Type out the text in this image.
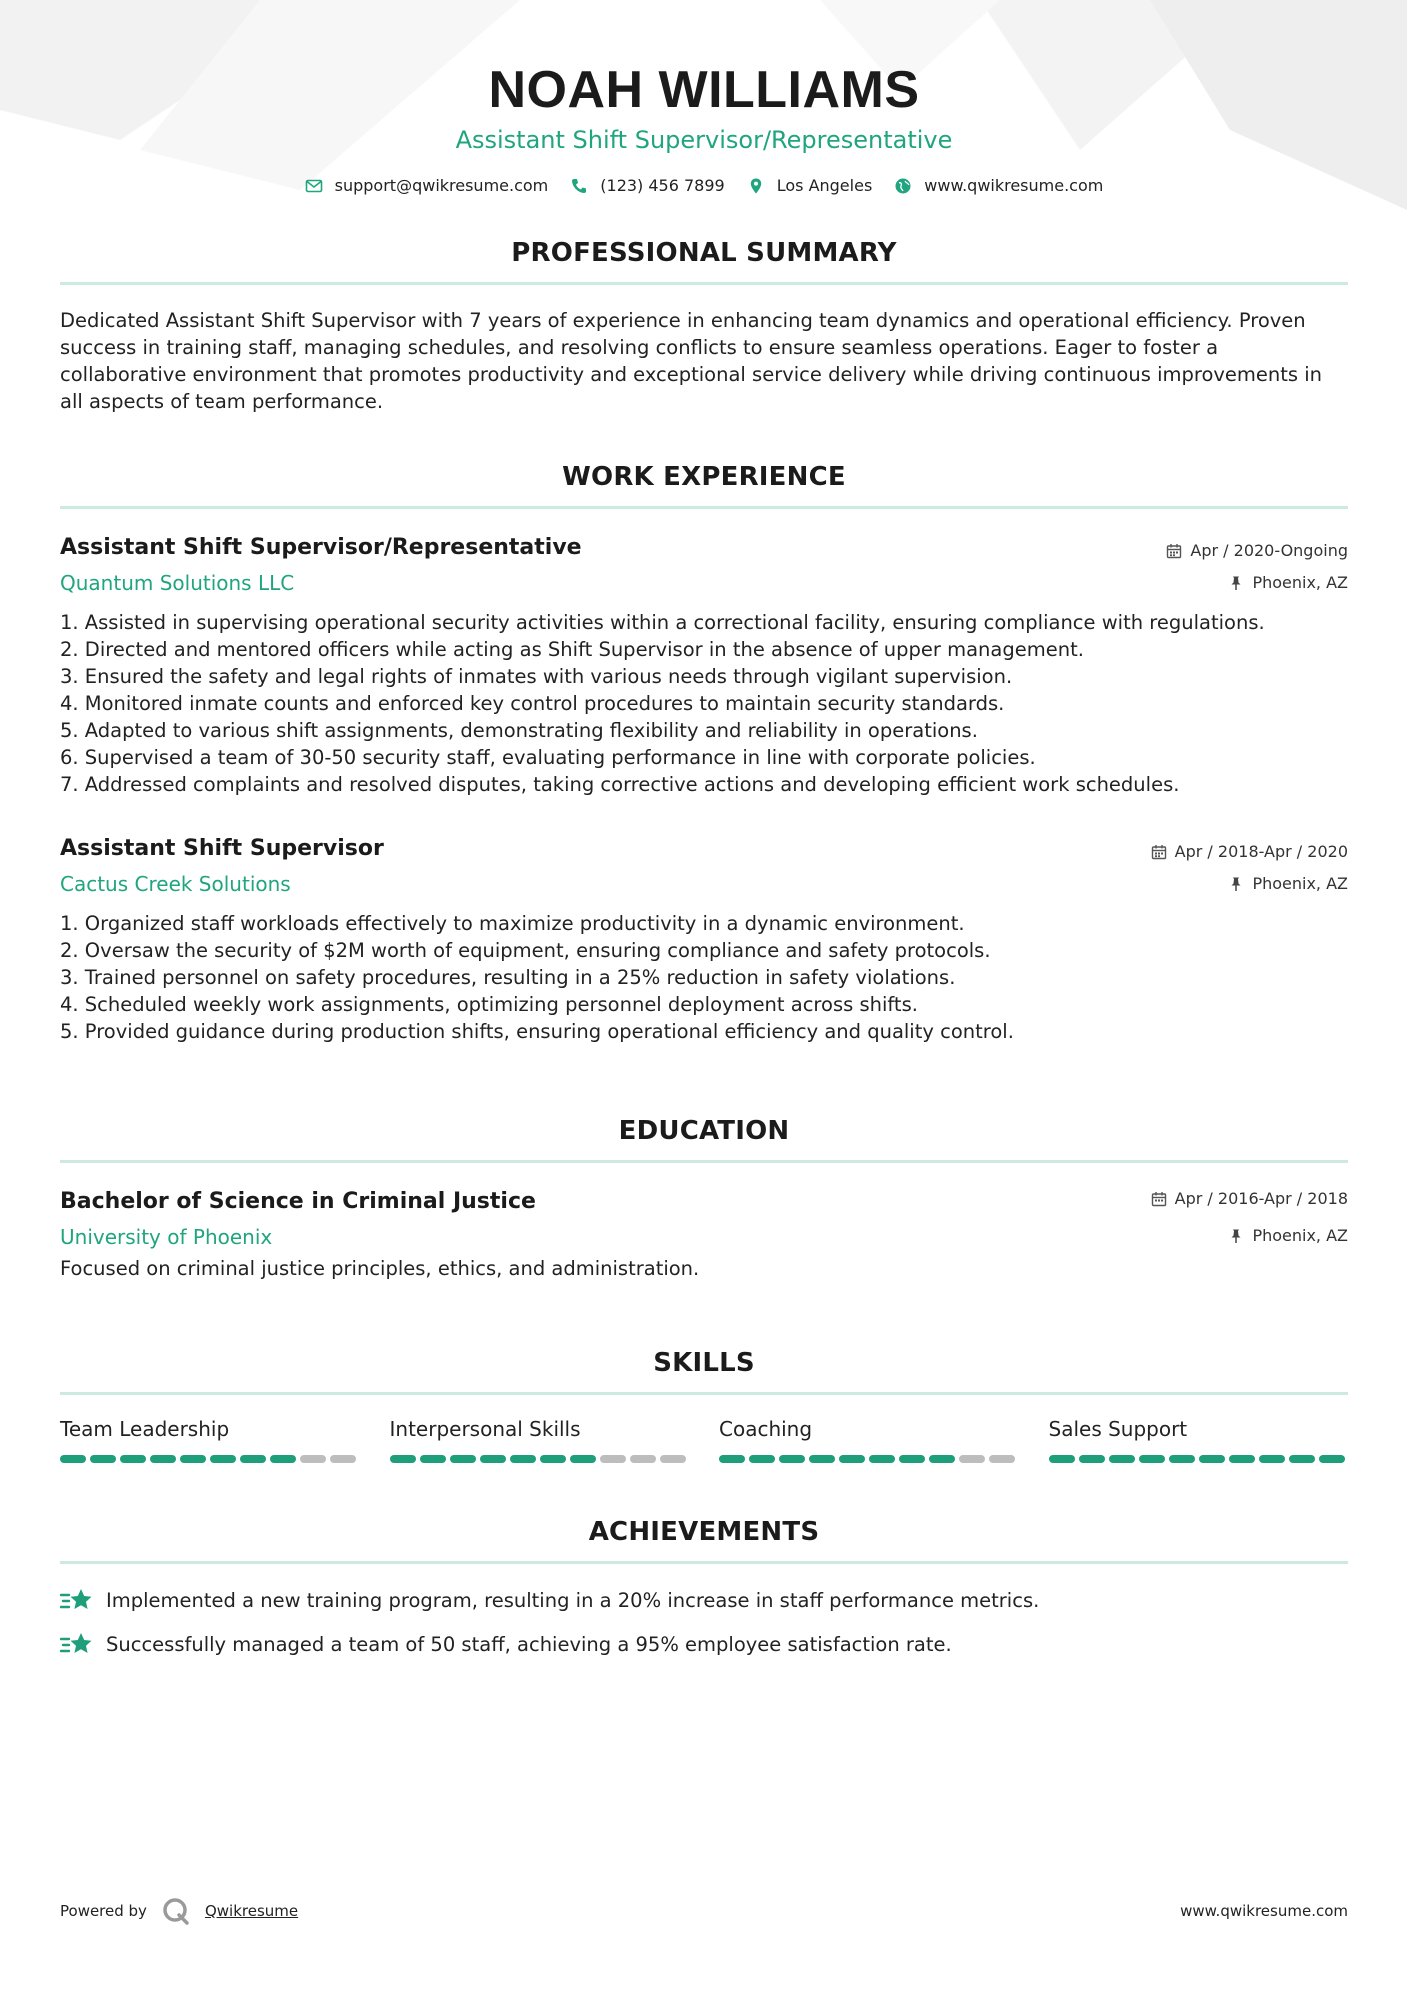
NOAH WILLIAMS
Assistant Shift Supervisor/Representative
support@qwikresume.com	(123) 456 7899	Los Angeles	www.qwikresume.com
PROFESSIONAL SUMMARY
Dedicated Assistant Shift Supervisor with 7 years of experience in enhancing team dynamics and operational efficiency. Proven success in training staff, managing schedules, and resolving conflicts to ensure seamless operations. Eager to foster a collaborative environment that promotes productivity and exceptional service delivery while driving continuous improvements in all aspects of team performance.
WORK EXPERIENCE
Assistant Shift Supervisor/Representative
Quantum Solutions LLC
Apr / 2020-Ongoing
Phoenix, AZ
1. Assisted in supervising operational security activities within a correctional facility, ensuring compliance with regulations.
2. Directed and mentored officers while acting as Shift Supervisor in the absence of upper management.
3. Ensured the safety and legal rights of inmates with various needs through vigilant supervision.
4. Monitored inmate counts and enforced key control procedures to maintain security standards.
5. Adapted to various shift assignments, demonstrating flexibility and reliability in operations.
6. Supervised a team of 30-50 security staff, evaluating performance in line with corporate policies.
7. Addressed complaints and resolved disputes, taking corrective actions and developing efficient work schedules.
Assistant Shift Supervisor
Cactus Creek Solutions
Apr / 2018-Apr / 2020
Phoenix, AZ
1. Organized staff workloads effectively to maximize productivity in a dynamic environment.
2. Oversaw the security of $2M worth of equipment, ensuring compliance and safety protocols.
3. Trained personnel on safety procedures, resulting in a 25% reduction in safety violations.
4. Scheduled weekly work assignments, optimizing personnel deployment across shifts.
5. Provided guidance during production shifts, ensuring operational efficiency and quality control.
EDUCATION
Bachelor of Science in Criminal Justice
University of Phoenix
Apr / 2016-Apr / 2018
Phoenix, AZ
Focused on criminal justice principles, ethics, and administration.
SKILLS
Team Leadership	Interpersonal Skills	Coaching	Sales Support
ACHIEVEMENTS
Implemented a new training program, resulting in a 20% increase in staff performance metrics.
Successfully managed a team of 50 staff, achieving a 95% employee satisfaction rate.
Powered by	Qwikresume	www.qwikresume.com
